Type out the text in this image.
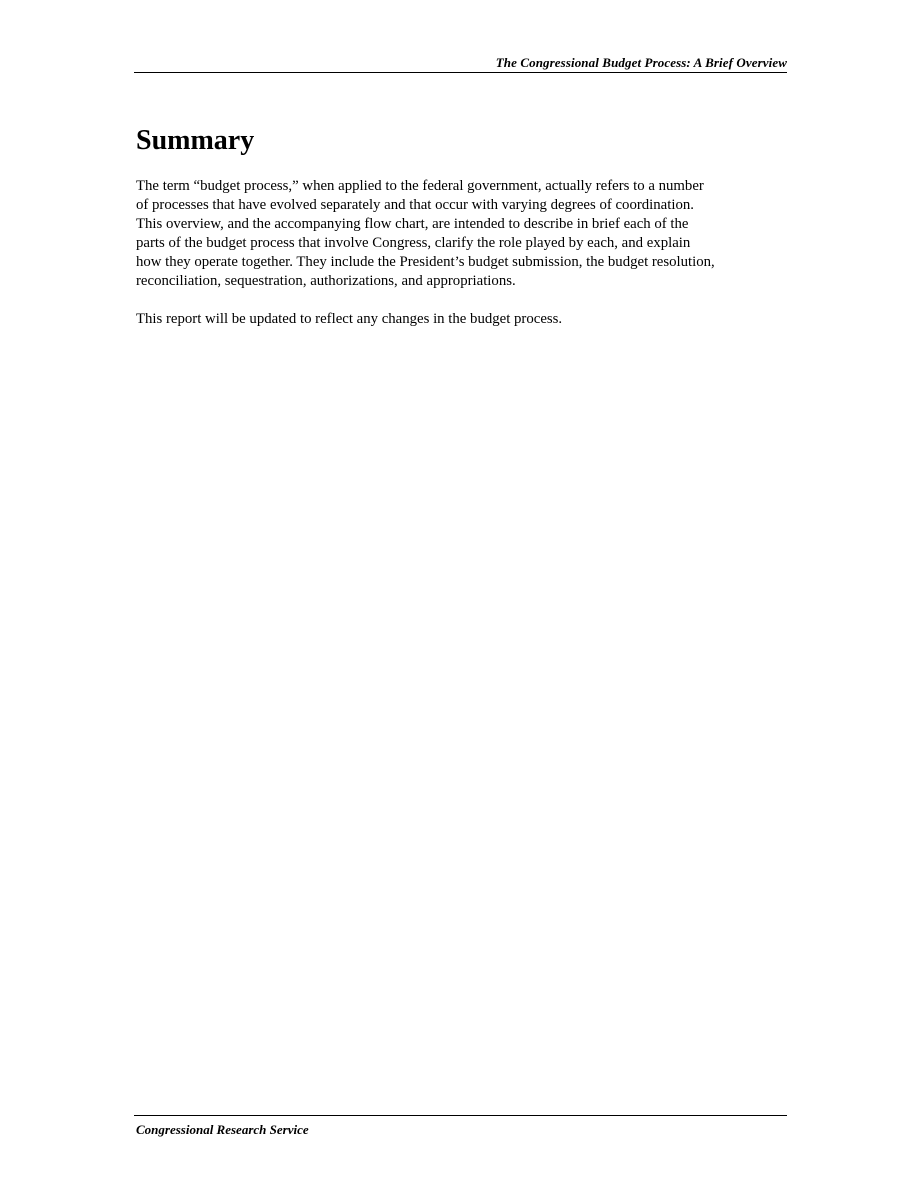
The Congressional Budget Process: A Brief Overview
Summary

The term “budget process,” when applied to the federal government, actually refers to a number
of processes that have evolved separately and that occur with varying degrees of coordination.
This overview, and the accompanying flow chart, are intended to describe in brief each of the
parts of the budget process that involve Congress, clarify the role played by each, and explain
how they operate together. They include the President’s budget submission, the budget resolution,
reconciliation, sequestration, authorizations, and appropriations.

This report will be updated to reflect any changes in the budget process.

Congressional Research Service
